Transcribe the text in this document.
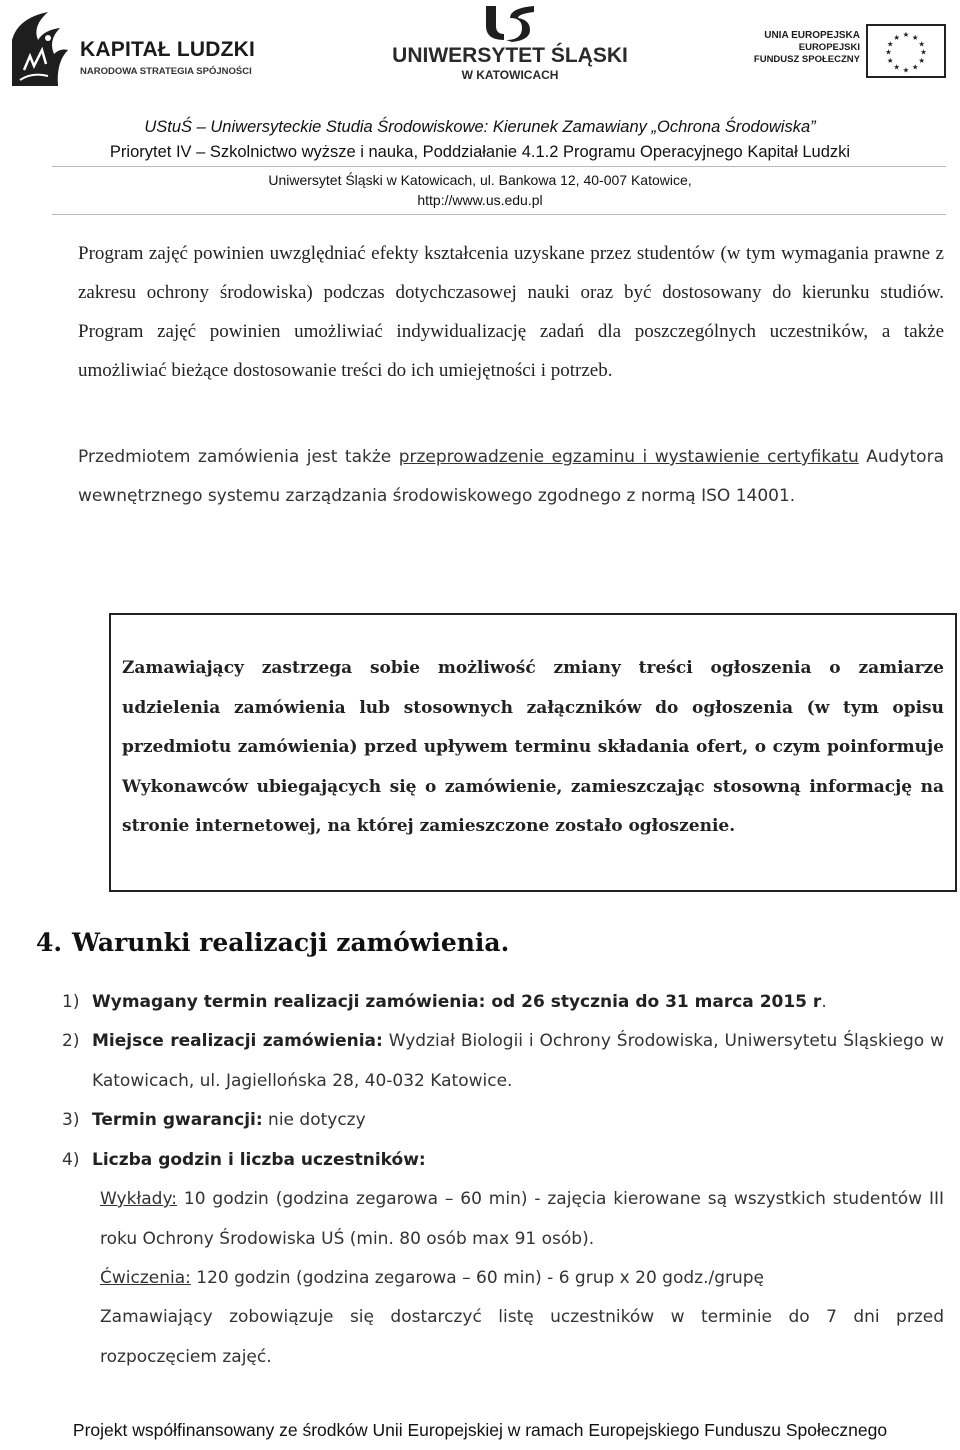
KAPITAŁ LUDZKI
NARODOWA STRATEGIA SPÓJNOŚCI
UNIWERSYTET ŚLĄSKI
W KATOWICACH
UNIA EUROPEJSKA
EUROPEJSKI
FUNDUSZ SPOŁECZNY
★ ★
★
★
★
★
★
★
★
★
★
★
UStuŚ – Uniwersyteckie Studia Środowiskowe: Kierunek Zamawiany „Ochrona Środowiska”
Priorytet IV – Szkolnictwo wyższe i nauka, Poddziałanie 4.1.2 Programu Operacyjnego Kapitał Ludzki
Uniwersytet Śląski w Katowicach, ul. Bankowa 12, 40-007 Katowice,
http://www.us.edu.pl
Program zajęć powinien uwzględniać efekty kształcenia uzyskane przez studentów (w tym wymagania prawne z zakresu ochrony środowiska) podczas dotychczasowej nauki oraz być dostosowany do kierunku studiów. Program zajęć powinien umożliwiać indywidualizację zadań dla poszczególnych uczestników, a także umożliwiać bieżące dostosowanie treści do ich umiejętności i potrzeb.
Przedmiotem zamówienia jest także przeprowadzenie egzaminu i wystawienie certyfikatu Audytora wewnętrznego systemu zarządzania środowiskowego zgodnego z normą ISO 14001.
Zamawiający zastrzega sobie możliwość zmiany treści ogłoszenia o zamiarze udzielenia zamówienia lub stosownych załączników do ogłoszenia (w tym opisu przedmiotu zamówienia) przed upływem terminu składania ofert, o czym poinformuje Wykonawców ubiegających się o zamówienie, zamieszczając stosowną informację na stronie internetowej, na której zamieszczone zostało ogłoszenie.
4. Warunki realizacji zamówienia.
1) Wymagany termin realizacji zamówienia: od 26 stycznia do 31 marca 2015 r.
2) Miejsce realizacji zamówienia: Wydział Biologii i Ochrony Środowiska, Uniwersytetu Śląskiego w Katowicach, ul. Jagiellońska 28, 40-032 Katowice.
3) Termin gwarancji: nie dotyczy
4) Liczba godzin i liczba uczestników:
Wykłady: 10 godzin (godzina zegarowa – 60 min) - zajęcia kierowane są wszystkich studentów III roku Ochrony Środowiska UŚ (min. 80 osób max 91 osób).
Ćwiczenia: 120 godzin (godzina zegarowa – 60 min) - 6 grup x 20 godz./grupę
Zamawiający zobowiązuje się dostarczyć listę uczestników w terminie do 7 dni przed rozpoczęciem zajęć.
Projekt współfinansowany ze środków Unii Europejskiej w ramach Europejskiego Funduszu Społecznego
